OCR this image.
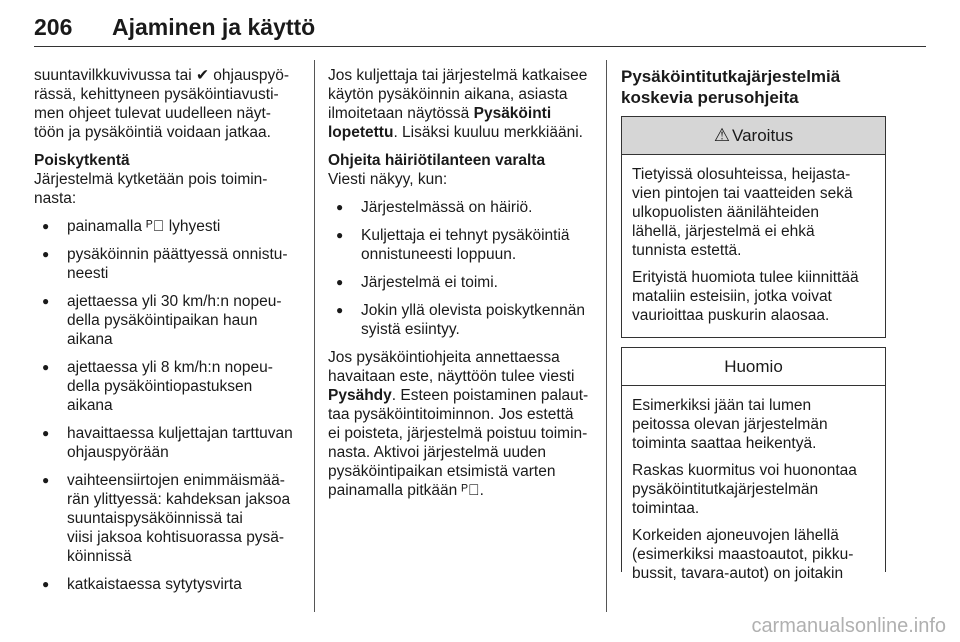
206 Ajaminen ja käyttö

suuntavilkkuvivussa tai ✔ ohjauspyö-
rässä, kehittyneen pysäköintiavusti-
men ohjeet tulevat uudelleen näyt-
töön ja pysäköintiä voidaan jatkaa.

Poiskytkentä

Järjestelmä kytketään pois toimin-
nasta:

● painamalla ᴾ⃞ lyhyesti
● pysäköinnin päättyessä onnistu-
neesti
● ajettaessa yli 30 km/h:n nopeu-
della pysäköintipaikan haun
aikana
● ajettaessa yli 8 km/h:n nopeu-
della pysäköintiopastuksen
aikana
● havaittaessa kuljettajan tarttuvan
ohjauspyörään
● vaihteensiirtojen enimmäismää-
rän ylittyessä: kahdeksan jaksoa
suuntaispysäköinnissä tai
viisi jaksoa kohtisuorassa pysä-
köinnissä
● katkaistaessa sytytysvirta

Jos kuljettaja tai järjestelmä katkaisee
käytön pysäköinnin aikana, asiasta
ilmoitetaan näytössä Pysäköinti
lopetettu. Lisäksi kuuluu merkkiääni.

Ohjeita häiriötilanteen varalta

Viesti näkyy, kun:

● Järjestelmässä on häiriö.
● Kuljettaja ei tehnyt pysäköintiä
onnistuneesti loppuun.
● Järjestelmä ei toimi.
● Jokin yllä olevista poiskytkennän
syistä esiintyy.

Jos pysäköintiohjeita annettaessa
havaitaan este, näyttöön tulee viesti
Pysähdy. Esteen poistaminen palaut-
taa pysäköintitoiminnon. Jos estettä
ei poisteta, järjestelmä poistuu toimin-
nasta. Aktivoi järjestelmä uuden
pysäköintipaikan etsimistä varten
painamalla pitkään ᴾ⃞.

Pysäköintitutkajärjestelmiä
koskevia perusohjeita

⚠ Varoitus

Tietyissä olosuhteissa, heijasta-
vien pintojen tai vaatteiden sekä
ulkopuolisten äänilähteiden
lähellä, järjestelmä ei ehkä
tunnista estettä.

Erityistä huomiota tulee kiinnittää
mataliin esteisiin, jotka voivat
vaurioittaa puskurin alaosaa.

Huomio

Esimerkiksi jään tai lumen
peitossa olevan järjestelmän
toiminta saattaa heikentyä.

Raskas kuormitus voi huonontaa
pysäköintitutkajärjestelmän
toimintaa.

Korkeiden ajoneuvojen lähellä
(esimerkiksi maastoautot, pikku-
bussit, tavara-autot) on joitakin

carmanualsonline.info
